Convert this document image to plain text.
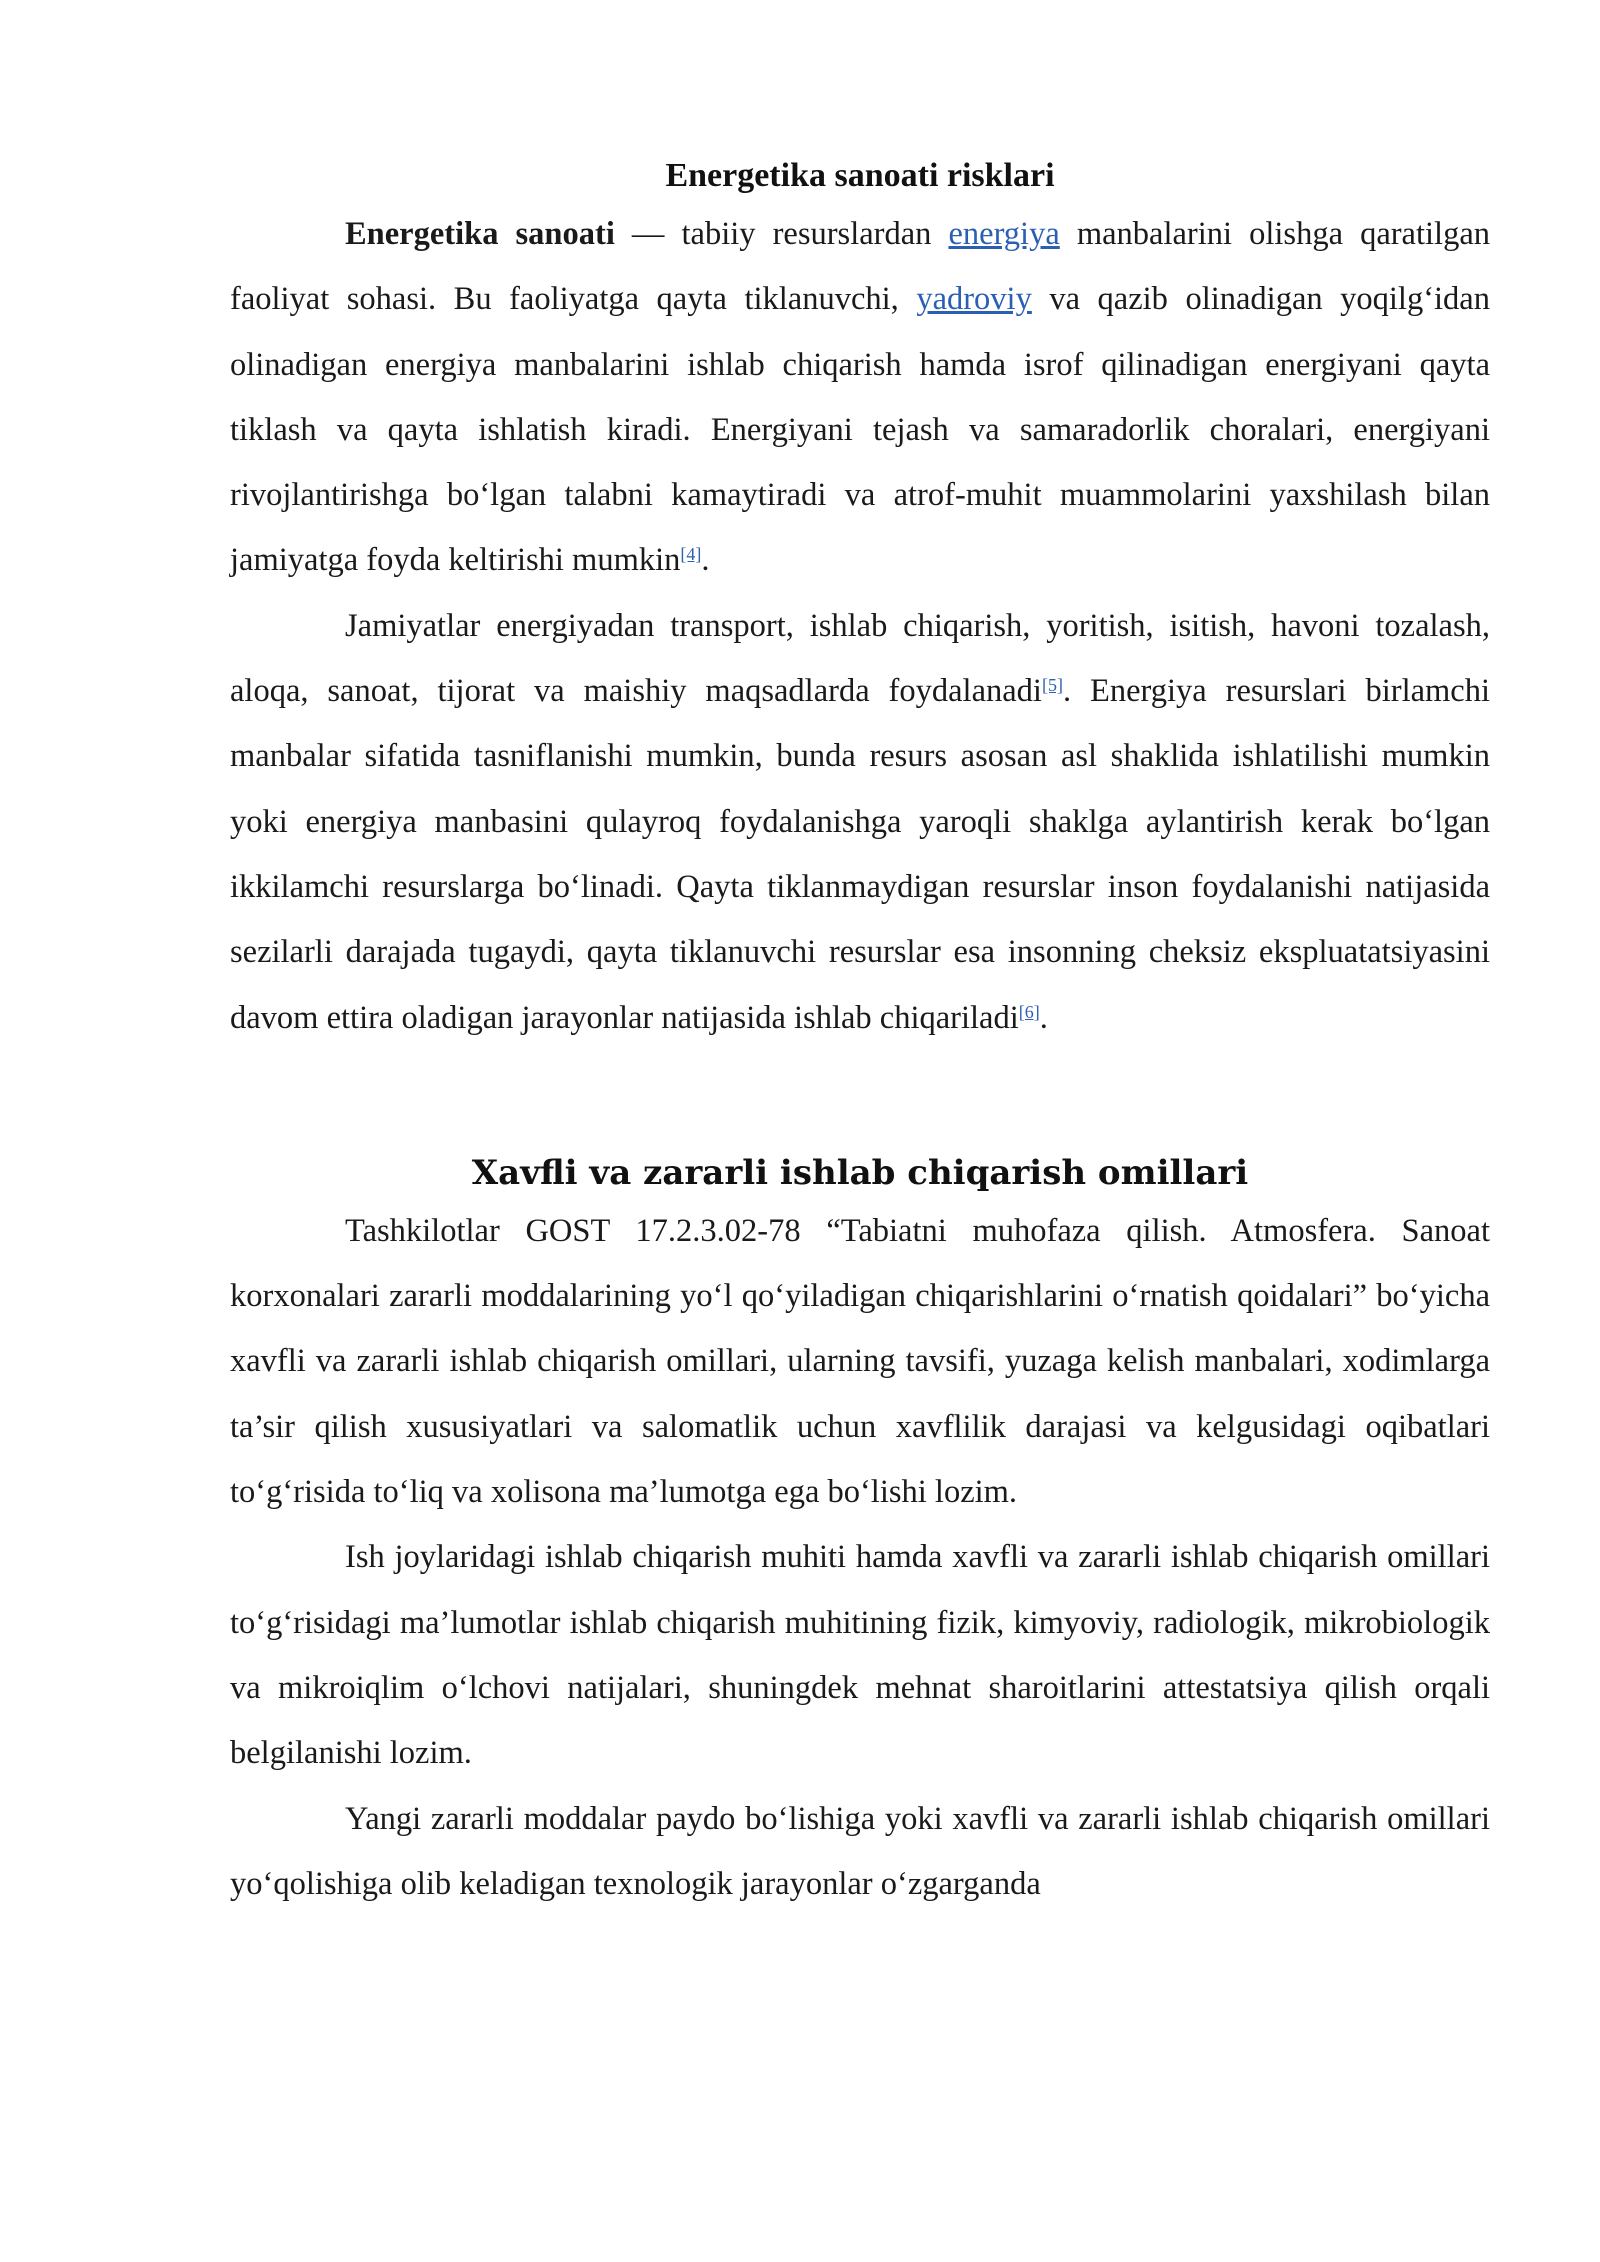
Energetika sanoati risklari

Energetika sanoati — tabiiy resurslardan energiya manbalarini olishga qaratilgan faoliyat sohasi. Bu faoliyatga qayta tiklanuvchi, yadroviy va qazib olinadigan yoqilg‘idan olinadigan energiya manbalarini ishlab chiqarish hamda isrof qilinadigan energiyani qayta tiklash va qayta ishlatish kiradi. Energiyani tejash va samaradorlik choralari, energiyani rivojlantirishga bo‘lgan talabni kamaytiradi va atrof-muhit muammolarini yaxshilash bilan jamiyatga foyda keltirishi mumkin[4].

Jamiyatlar energiyadan transport, ishlab chiqarish, yoritish, isitish, havoni tozalash, aloqa, sanoat, tijorat va maishiy maqsadlarda foydalanadi[5]. Energiya resurslari birlamchi manbalar sifatida tasniflanishi mumkin, bunda resurs asosan asl shaklida ishlatilishi mumkin yoki energiya manbasini qulayroq foydalanishga yaroqli shaklga aylantirish kerak bo‘lgan ikkilamchi resurslarga bo‘linadi. Qayta tiklanmaydigan resurslar inson foydalanishi natijasida sezilarli darajada tugaydi, qayta tiklanuvchi resurslar esa insonning cheksiz ekspluatatsiyasini davom ettira oladigan jarayonlar natijasida ishlab chiqariladi[6].

Xavfli va zararli ishlab chiqarish omillari

Tashkilotlar GOST 17.2.3.02-78 “Tabiatni muhofaza qilish. Atmosfera. Sanoat korxonalari zararli moddalarining yo‘l qo‘yiladigan chiqarishlarini o‘rnatish qoidalari” bo‘yicha xavfli va zararli ishlab chiqarish omillari, ularning tavsifi, yuzaga kelish manbalari, xodimlarga ta’sir qilish xususiyatlari va salomatlik uchun xavflilik darajasi va kelgusidagi oqibatlari to‘g‘risida to‘liq va xolisona ma’lumotga ega bo‘lishi lozim.

Ish joylaridagi ishlab chiqarish muhiti hamda xavfli va zararli ishlab chiqarish omillari to‘g‘risidagi ma’lumotlar ishlab chiqarish muhitining fizik, kimyoviy, radiologik, mikrobiologik va mikroiqlim o‘lchovi natijalari, shuningdek mehnat sharoitlarini attestatsiya qilish orqali belgilanishi lozim.

Yangi zararli moddalar paydo bo‘lishiga yoki xavfli va zararli ishlab chiqarish omillari yo‘qolishiga olib keladigan texnologik jarayonlar o‘zgarganda
